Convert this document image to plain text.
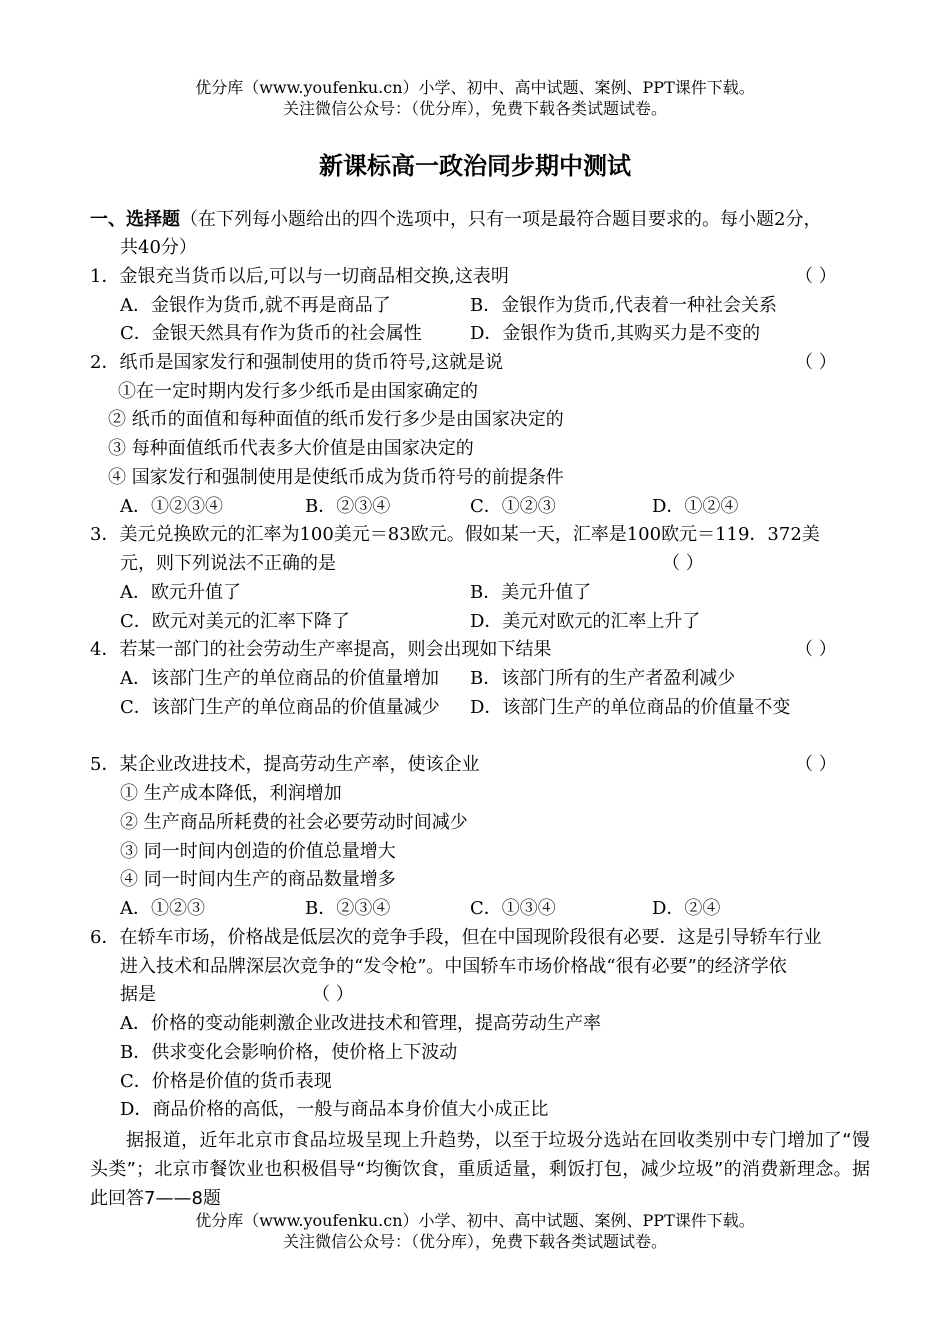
优分库（www.youfenku.cn）小学、初中、高中试题、案例、PPT课件下载。
关注微信公众号：（优分库），免费下载各类试题试卷。
新课标高一政治同步期中测试
一、选择题（在下列每小题给出的四个选项中，只有一项是最符合题目要求的。每小题2分，
共40分）
1．金银充当货币以后,可以与一切商品相交换,这表明	（ ）
A．金银作为货币,就不再是商品了	B．金银作为货币,代表着一种社会关系
C．金银天然具有作为货币的社会属性	D．金银作为货币,其购买力是不变的
2．纸币是国家发行和强制使用的货币符号,这就是说	（ ）
①在一定时期内发行多少纸币是由国家确定的
② 纸币的面值和每种面值的纸币发行多少是由国家决定的
③ 每种面值纸币代表多大价值是由国家决定的
④ 国家发行和强制使用是使纸币成为货币符号的前提条件
A．①②③④	B．②③④	C．①②③	D．①②④
3．美元兑换欧元的汇率为100美元＝83欧元。假如某一天，汇率是100欧元＝119．372美
元，则下列说法不正确的是	（ ）
A．欧元升值了	B．美元升值了
C．欧元对美元的汇率下降了	D．美元对欧元的汇率上升了
4．若某一部门的社会劳动生产率提高，则会出现如下结果	（ ）
A．该部门生产的单位商品的价值量增加 B．该部门所有的生产者盈利减少
C．该部门生产的单位商品的价值量减少 D．该部门生产的单位商品的价值量不变
5．某企业改进技术，提高劳动生产率，使该企业	（ ）
① 生产成本降低，利润增加
② 生产商品所耗费的社会必要劳动时间减少
③ 同一时间内创造的价值总量增大
④ 同一时间内生产的商品数量增多
A．①②③	B．②③④	C．①③④	D．②④
6．在轿车市场，价格战是低层次的竞争手段，但在中国现阶段很有必要．这是引导轿车行业
进入技术和品牌深层次竞争的“发令枪”。中国轿车市场价格战“很有必要”的经济学依
据是	（ ）
A．价格的变动能刺激企业改进技术和管理，提高劳动生产率
B．供求变化会影响价格，使价格上下波动
C．价格是价值的货币表现
D．商品价格的高低，一般与商品本身价值大小成正比
据报道，近年北京市食品垃圾呈现上升趋势，以至于垃圾分选站在回收类别中专门增加了“馒头类”；北京市餐饮业也积极倡导“均衡饮食，重质适量，剩饭打包，减少垃圾”的消费新理念。据此回答7——8题
优分库（www.youfenku.cn）小学、初中、高中试题、案例、PPT课件下载。
关注微信公众号：（优分库），免费下载各类试题试卷。
